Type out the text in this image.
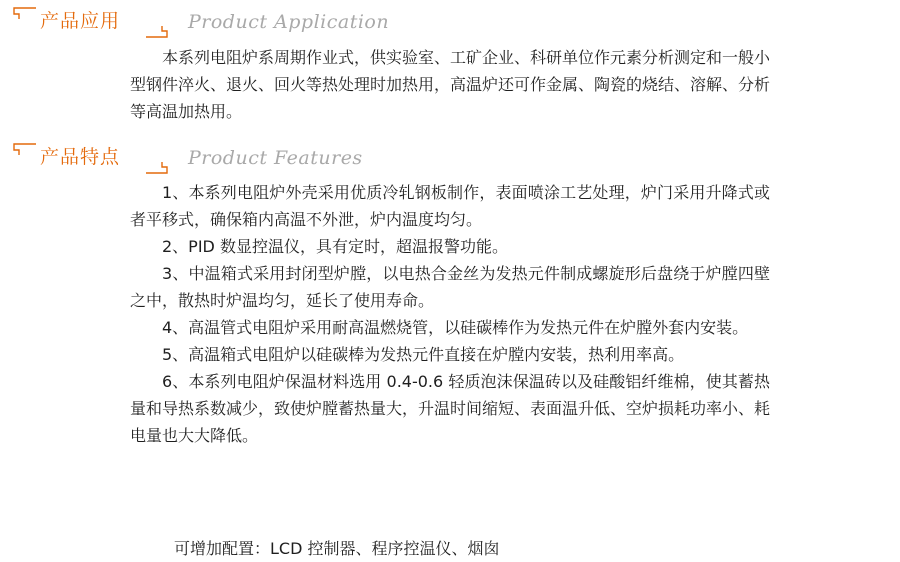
产品应用	Product Application

本系列电阻炉系周期作业式，供实验室、工矿企业、科研单位作元素分析测定和一般小型钢件淬火、退火、回火等热处理时加热用，高温炉还可作金属、陶瓷的烧结、溶解、分析等高温加热用。

产品特点	Product Features

1、本系列电阻炉外壳采用优质冷轧钢板制作，表面喷涂工艺处理，炉门采用升降式或者平移式，确保箱内高温不外泄，炉内温度均匀。

2、PID 数显控温仪，具有定时，超温报警功能。

3、中温箱式采用封闭型炉膛，以电热合金丝为发热元件制成螺旋形后盘绕于炉膛四壁之中，散热时炉温均匀，延长了使用寿命。

4、高温管式电阻炉采用耐高温燃烧管，以硅碳棒作为发热元件在炉膛外套内安装。

5、高温箱式电阻炉以硅碳棒为发热元件直接在炉膛内安装，热利用率高。

6、本系列电阻炉保温材料选用 0.4-0.6 轻质泡沫保温砖以及硅酸铝纤维棉，使其蓄热量和导热系数减少，致使炉膛蓄热量大，升温时间缩短、表面温升低、空炉损耗功率小、耗电量也大大降低。

可增加配置：LCD 控制器、程序控温仪、烟囱
